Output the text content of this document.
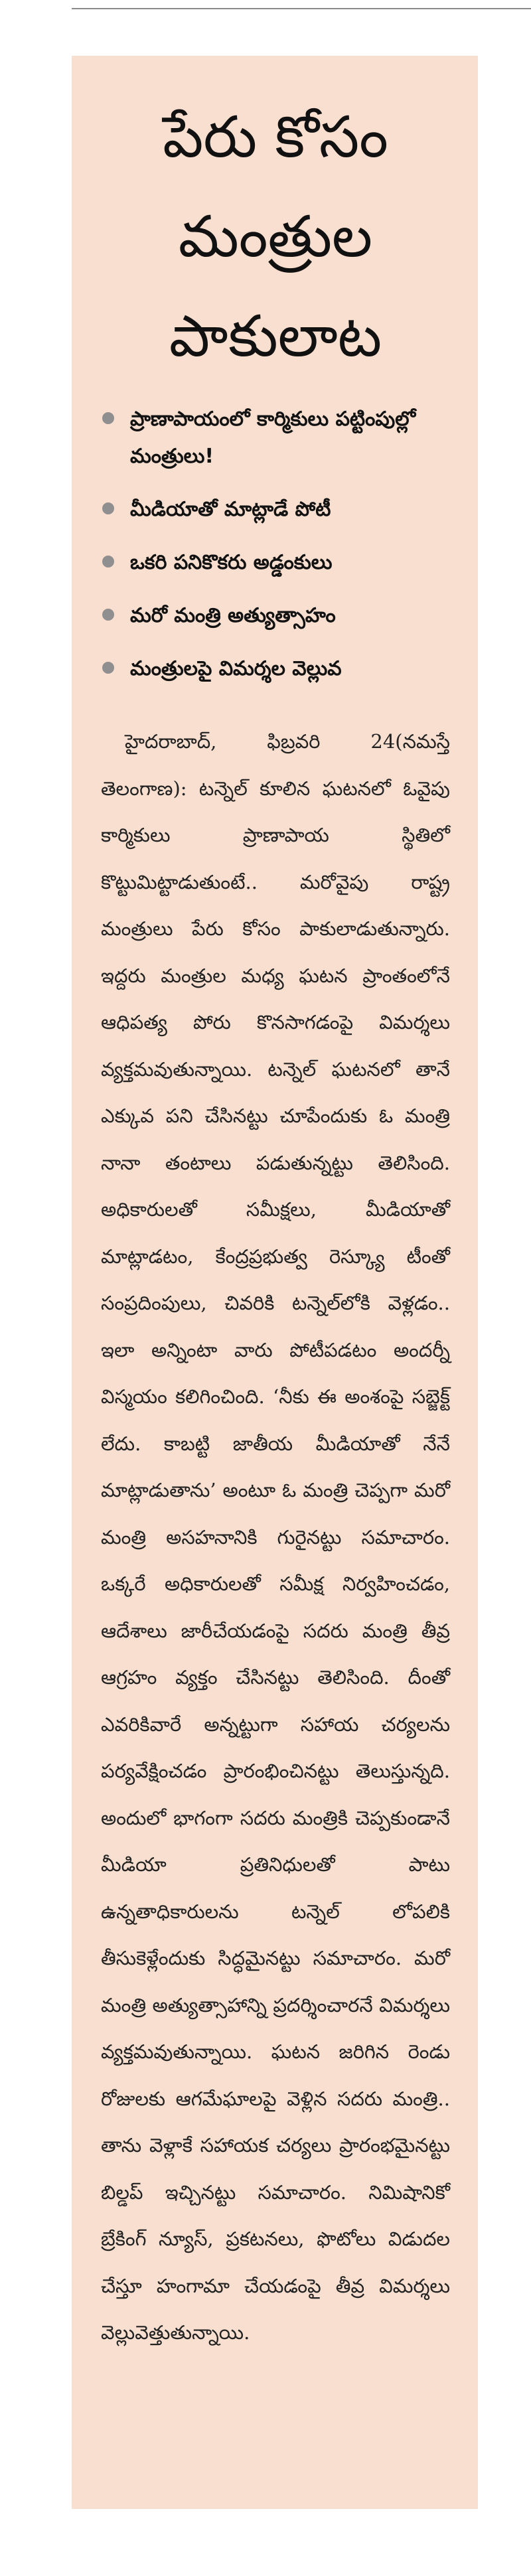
పేరు కోసం
మంత్రుల
పాకులాట
ప్రాణాపాయంలో కార్మికులు పట్టింపుల్లో మంత్రులు!
మీడియాతో మాట్లాడే పోటీ
ఒకరి పనికొకరు అడ్డంకులు
మరో మంత్రి అత్యుత్సాహం
మంత్రులపై విమర్శల వెల్లువ

హైదరాబాద్, ఫిబ్రవరి 24(నమస్తే తెలంగాణ): టన్నెల్ కూలిన ఘటనలో ఓవైపు కార్మికులు ప్రాణాపాయ స్థితిలో కొట్టుమిట్టాడుతుంటే.. మరోవైపు రాష్ట్ర మంత్రులు పేరు కోసం పాకులాడుతున్నారు. ఇద్దరు మంత్రుల మధ్య ఘటన ప్రాంతంలోనే ఆధిపత్య పోరు కొనసాగడంపై విమర్శలు వ్యక్తమవుతున్నాయి. టన్నెల్ ఘటనలో తానే ఎక్కువ పని చేసినట్టు చూపేందుకు ఓ మంత్రి నానా తంటాలు పడుతున్నట్టు తెలిసింది. అధికారులతో సమీక్షలు, మీడియాతో మాట్లాడటం, కేంద్రప్రభుత్వ రెస్క్యూ టీంతో సంప్రదింపులు, చివరికి టన్నెల్‌లోకి వెళ్లడం.. ఇలా అన్నింటా వారు పోటీపడటం అందర్నీ విస్మయం కలిగించింది. ‘నీకు ఈ అంశంపై సబ్జెక్ట్ లేదు. కాబట్టి జాతీయ మీడియాతో నేనే మాట్లాడుతాను’ అంటూ ఓ మంత్రి చెప్పగా మరో మంత్రి అసహనానికి గురైనట్టు సమాచారం. ఒక్కరే అధికారులతో సమీక్ష నిర్వహించడం, ఆదేశాలు జారీచేయడంపై సదరు మంత్రి తీవ్ర ఆగ్రహం వ్యక్తం చేసినట్టు తెలిసింది. దీంతో ఎవరికివారే అన్నట్టుగా సహాయ చర్యలను పర్యవేక్షించడం ప్రారంభించినట్టు తెలుస్తున్నది. అందులో భాగంగా సదరు మంత్రికి చెప్పకుండానే మీడియా ప్రతినిధులతో పాటు ఉన్నతాధికారులను టన్నెల్ లోపలికి తీసుకెళ్లేందుకు సిద్ధమైనట్టు సమాచారం. మరో మంత్రి అత్యుత్సాహాన్ని ప్రదర్శించారనే విమర్శలు వ్యక్తమవుతున్నాయి. ఘటన జరిగిన రెండు రోజులకు ఆగమేఘాలపై వెళ్లిన సదరు మంత్రి.. తాను వెళ్లాకే సహాయక చర్యలు ప్రారంభమైనట్టు బిల్డప్ ఇచ్చినట్టు సమాచారం. నిమిషానికో బ్రేకింగ్ న్యూస్, ప్రకటనలు, ఫొటోలు విడుదల చేస్తూ హంగామా చేయడంపై తీవ్ర విమర్శలు వెల్లువెత్తుతున్నాయి.
